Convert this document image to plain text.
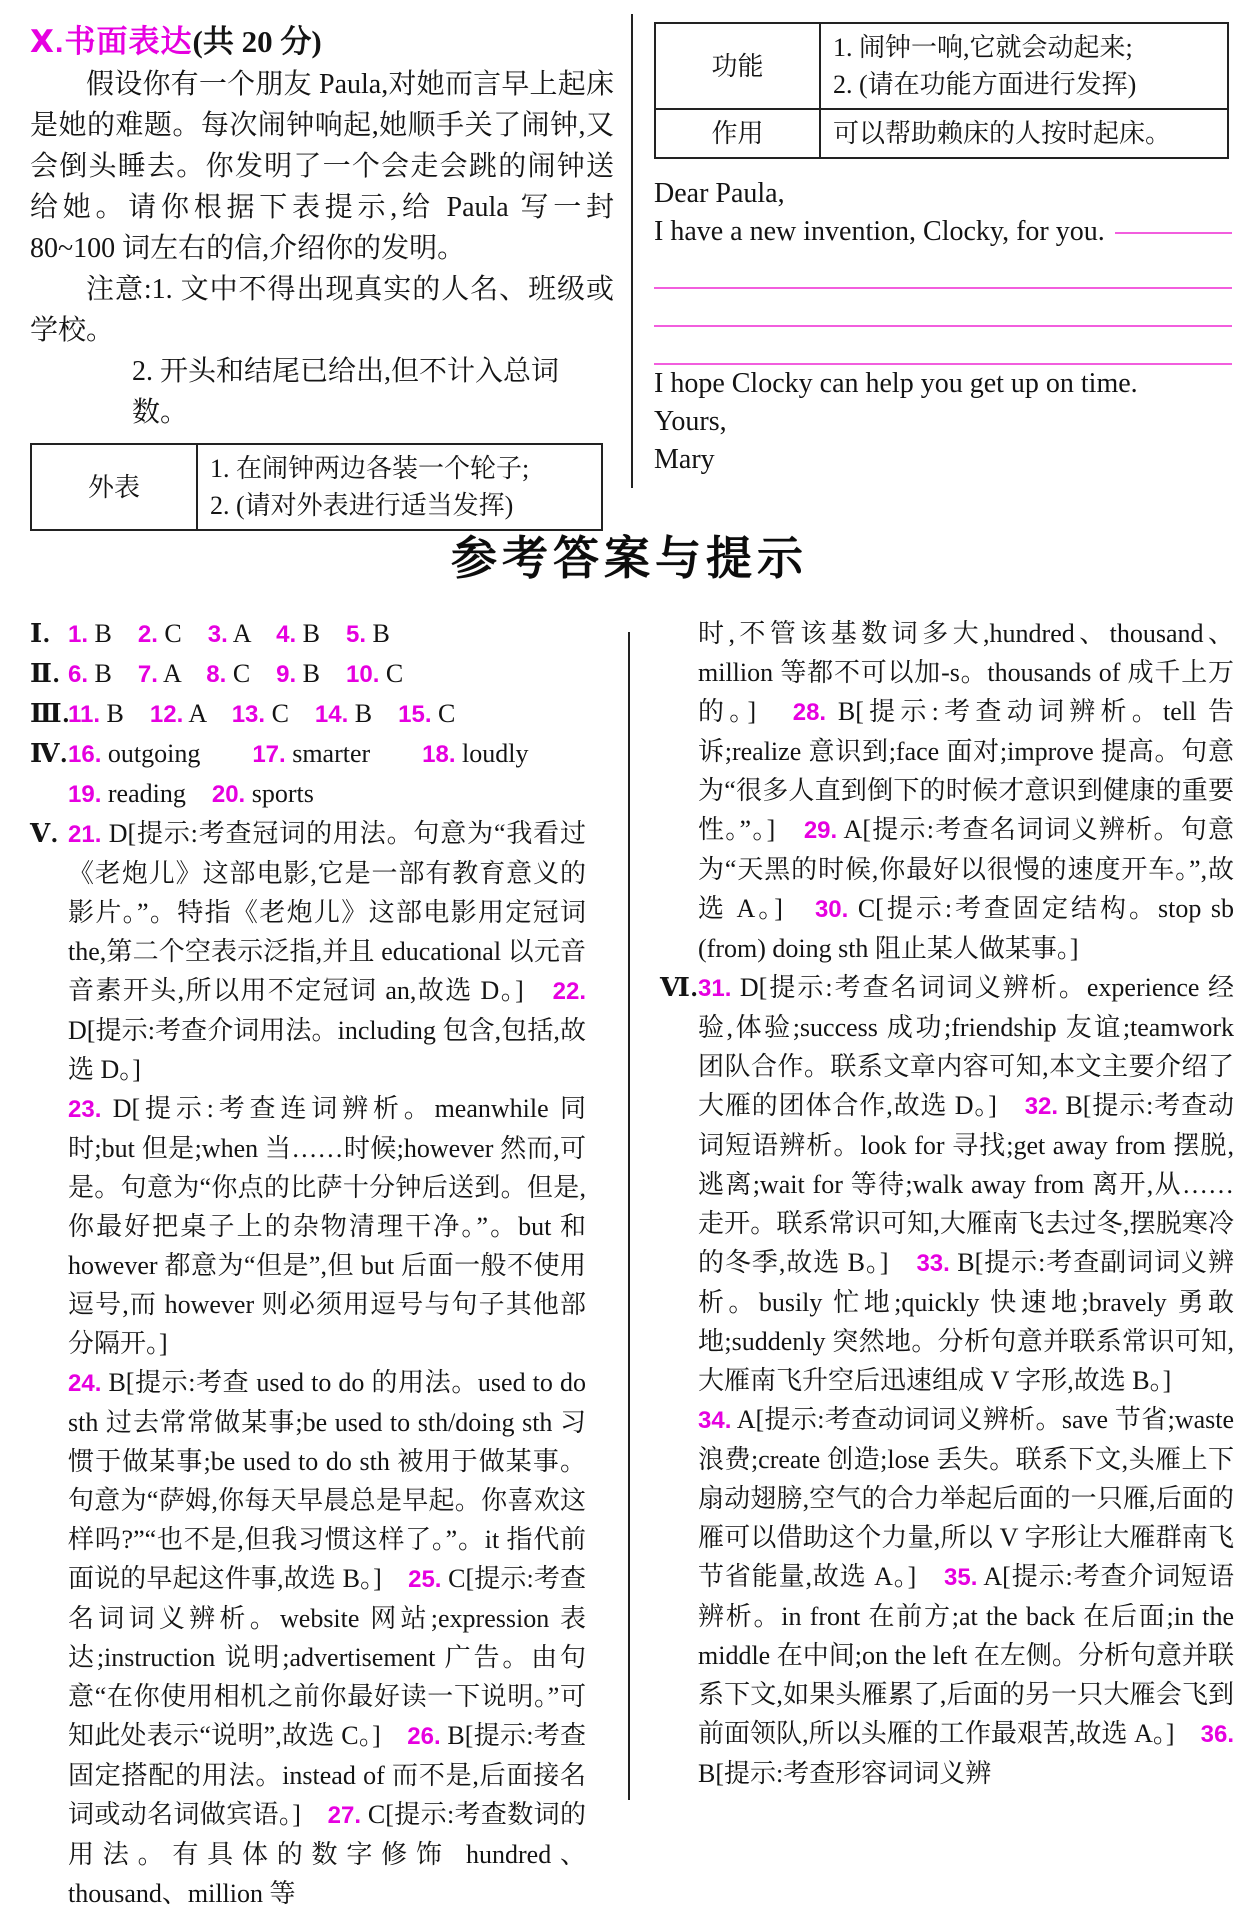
Ⅹ.书面表达(共 20 分)
假设你有一个朋友 Paula,对她而言早上起床是她的难题。每次闹钟响起,她顺手关了闹钟,又会倒头睡去。你发明了一个会走会跳的闹钟送给她。请你根据下表提示,给 Paula 写一封 80~100 词左右的信,介绍你的发明。
注意:1. 文中不得出现真实的人名、班级或学校。
2. 开头和结尾已给出,但不计入总词数。
外表	
1. 在闹钟两边各装一个轮子;
2. (请对外表进行适当发挥)
功能	1. 闹钟一响,它就会动起来;
2. (请在功能方面进行发挥)

作用	可以帮助赖床的人按时起床。
Dear Paula,
I have a new invention, Clocky, for you.
I hope Clocky can help you get up on time.
Yours,
Mary
参考答案与提示
Ⅰ. 1. B　2. C　3. A　4. B　5. B
Ⅱ. 6. B　7. A　8. C　9. B　10. C
Ⅲ.
11. B　12. A　13. C　14. B　15. C
Ⅳ. 16. outgoing　　17. smarter　　18. loudly
19. reading　20. sports
Ⅴ. 21. D[提示:考查冠词的用法。句意为“我看过《老炮儿》这部电影,它是一部有教育意义的影片。”。特指《老炮儿》这部电影用定冠词 the,第二个空表示泛指,并且 educational 以元音音素开头,所以用不定冠词 an,故选 D。]　22. D[提示:考查介词用法。including 包含,包括,故选 D。]
23. D[提示:考查连词辨析。meanwhile 同时;but 但是;when 当……时候;however 然而,可是。句意为“你点的比萨十分钟后送到。但是,你最好把桌子上的杂物清理干净。”。but 和 however 都意为“但是”,但 but 后面一般不使用逗号,而 however 则必须用逗号与句子其他部分隔开。]
24. B[提示:考查 used to do 的用法。used to do sth 过去常常做某事;be used to sth/doing sth 习惯于做某事;be used to do sth 被用于做某事。句意为“萨姆,你每天早晨总是早起。你喜欢这样吗?”“也不是,但我习惯这样了。”。it 指代前面说的早起这件事,故选 B。]　25. C[提示:考查名词词义辨析。website 网站;expression 表达;instruction 说明;advertisement 广告。由句意“在你使用相机之前你最好读一下说明。”可知此处表示“说明”,故选 C。]　26. B[提示:考查固定搭配的用法。instead of 而不是,后面接名词或动名词做宾语。]　27. C[提示:考查数词的用法。有具体的数字修饰 hundred、thousand、million 等
时,不管该基数词多大,hundred、thousand、million 等都不可以加-s。thousands of 成千上万的。]　28. B[提示:考查动词辨析。tell 告诉;realize 意识到;face 面对;improve 提高。句意为“很多人直到倒下的时候才意识到健康的重要性。”。]　29. A[提示:考查名词词义辨析。句意为“天黑的时候,你最好以很慢的速度开车。”,故选 A。]　30. C[提示:考查固定结构。stop sb (from) doing sth 阻止某人做某事。]
Ⅵ. 31. D[提示:考查名词词义辨析。experience 经验,体验;success 成功;friendship 友谊;teamwork 团队合作。联系文章内容可知,本文主要介绍了大雁的团体合作,故选 D。]　32. B[提示:考查动词短语辨析。look for 寻找;get away from 摆脱,逃离;wait for 等待;walk away from 离开,从……走开。联系常识可知,大雁南飞去过冬,摆脱寒冷的冬季,故选 B。]　33. B[提示:考查副词词义辨析。busily 忙地;quickly 快速地;bravely 勇敢地;suddenly 突然地。分析句意并联系常识可知,大雁南飞升空后迅速组成 V 字形,故选 B。]
34. A[提示:考查动词词义辨析。save 节省;waste 浪费;create 创造;lose 丢失。联系下文,头雁上下扇动翅膀,空气的合力举起后面的一只雁,后面的雁可以借助这个力量,所以 V 字形让大雁群南飞节省能量,故选 A。]　35. A[提示:考查介词短语辨析。in front 在前方;at the back 在后面;in the middle 在中间;on the left 在左侧。分析句意并联系下文,如果头雁累了,后面的另一只大雁会飞到前面领队,所以头雁的工作最艰苦,故选 A。]　36. B[提示:考查形容词词义辨
